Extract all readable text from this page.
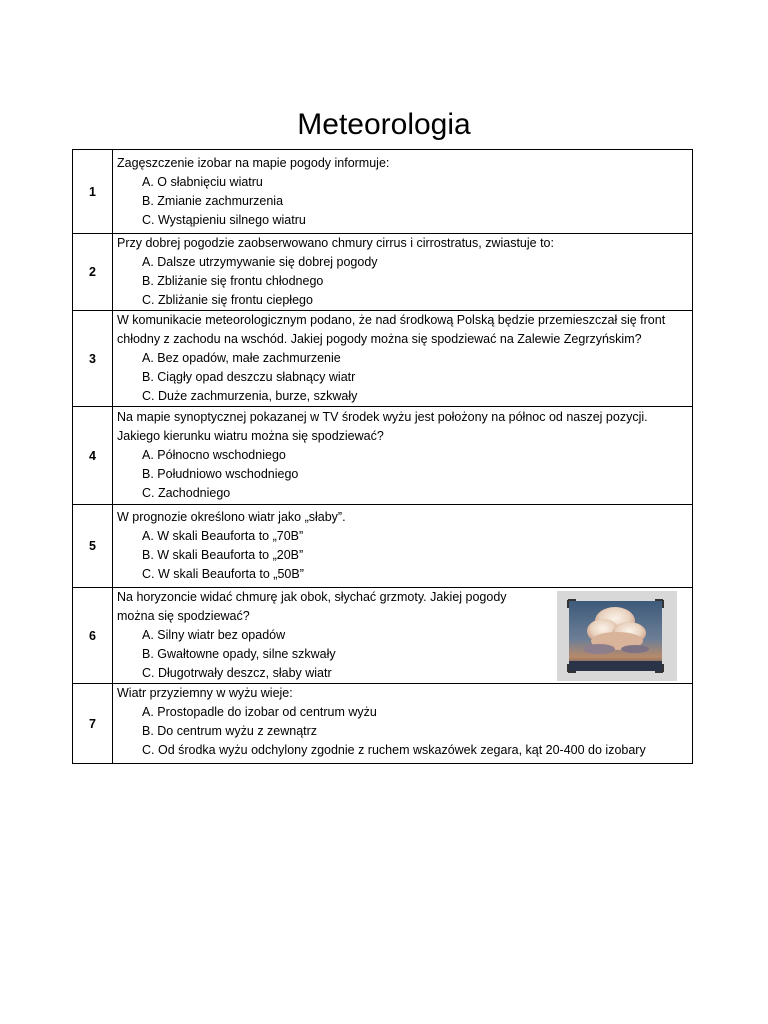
Meteorologia
1	Zagęszczenie izobar na mapie pogody informuje:
A. O słabnięciu wiatru
B. Zmianie zachmurzenia
C. Wystąpieniu silnego wiatru

2	Przy dobrej pogodzie zaobserwowano chmury cirrus i cirrostratus, zwiastuje to:
A. Dalsze utrzymywanie się dobrej pogody
B. Zbliżanie się frontu chłodnego
C. Zbliżanie się frontu ciepłego

3	W komunikacie meteorologicznym podano, że nad środkową Polską będzie przemieszczał się front chłodny z zachodu na wschód. Jakiej pogody można się spodziewać na Zalewie Zegrzyńskim?
A. Bez opadów, małe zachmurzenie
B. Ciągły opad deszczu słabnący wiatr
C. Duże zachmurzenia, burze, szkwały

4	Na mapie synoptycznej pokazanej w TV środek wyżu jest położony na północ od naszej pozycji. Jakiego kierunku wiatru można się spodziewać?
A. Północno wschodniego
B. Południowo wschodniego
C. Zachodniego

5	W prognozie określono wiatr jako „słaby”.
A. W skali Beauforta to „70B”
B. W skali Beauforta to „20B”
C. W skali Beauforta to „50B”

6	Na horyzoncie widać chmurę jak obok, słychać grzmoty. Jakiej pogody można się spodziewać?
A. Silny wiatr bez opadów
B. Gwałtowne opady, silne szkwały
C. Długotrwały deszcz, słaby wiatr

7	Wiatr przyziemny w wyżu wieje:
A. Prostopadle do izobar od centrum wyżu
B. Do centrum wyżu z zewnątrz
C. Od środka wyżu odchylony zgodnie z ruchem wskazówek zegara, kąt 20-400 do izobary
